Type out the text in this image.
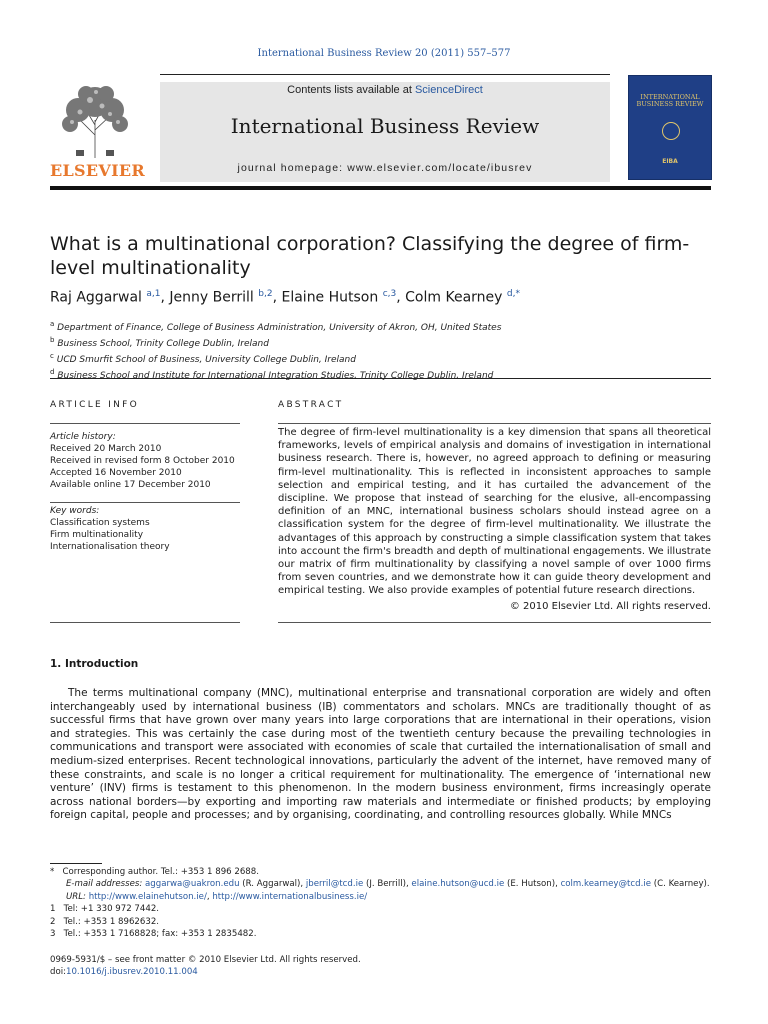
International Business Review 20 (2011) 557–577
ELSEVIER
Contents lists available at ScienceDirect
International Business Review
journal homepage: www.elsevier.com/locate/ibusrev
INTERNATIONAL BUSINESS REVIEW
EIBA
What is a multinational corporation? Classifying the degree of firm-level multinationality
Raj Aggarwal $^{a,1}$, Jenny Berrill $^{b,2}$, Elaine Hutson $^{c,3}$, Colm Kearney $^{d,*}$
$^a$ Department of Finance, College of Business Administration, University of Akron, OH, United States
$^b$ Business School, Trinity College Dublin, Ireland
$^c$ UCD Smurfit School of Business, University College Dublin, Ireland
$^d$ Business School and Institute for International Integration Studies, Trinity College Dublin, Ireland
ARTICLE INFO
Article history:
Received 20 March 2010
Received in revised form 8 October 2010
Accepted 16 November 2010
Available online 17 December 2010
Key words:
Classification systems
Firm multinationality
Internationalisation theory
ABSTRACT
The degree of firm-level multinationality is a key dimension that spans all theoretical frameworks, levels of empirical analysis and domains of investigation in international business research. There is, however, no agreed approach to defining or measuring firm-level multinationality. This is reflected in inconsistent approaches to sample selection and empirical testing, and it has curtailed the advancement of the discipline. We propose that instead of searching for the elusive, all-encompassing definition of an MNC, international business scholars should instead agree on a classification system for the degree of firm-level multinationality. We illustrate the advantages of this approach by constructing a simple classification system that takes into account the firm's breadth and depth of multinational engagements. We illustrate our matrix of firm multinationality by classifying a novel sample of over 1000 firms from seven countries, and we demonstrate how it can guide theory development and empirical testing. We also provide examples of potential future research directions.
© 2010 Elsevier Ltd. All rights reserved.
1. Introduction
The terms multinational company (MNC), multinational enterprise and transnational corporation are widely and often interchangeably used by international business (IB) commentators and scholars. MNCs are traditionally thought of as successful firms that have grown over many years into large corporations that are international in their operations, vision and strategies. This was certainly the case during most of the twentieth century because the prevailing technologies in communications and transport were associated with economies of scale that curtailed the internationalisation of small and medium-sized enterprises. Recent technological innovations, particularly the advent of the internet, have removed many of these constraints, and scale is no longer a critical requirement for multinationality. The emergence of ‘international new venture’ (INV) firms is testament to this phenomenon. In the modern business environment, firms increasingly operate across national borders—by exporting and importing raw materials and intermediate or finished products; by employing foreign capital, people and processes; and by organising, coordinating, and controlling resources globally. While MNCs
* Corresponding author. Tel.: +353 1 896 2688.
E-mail addresses: aggarwa@uakron.edu (R. Aggarwal), jberril@tcd.ie (J. Berrill), elaine.hutson@ucd.ie (E. Hutson), colm.kearney@tcd.ie (C. Kearney).
URL: http://www.elainehutson.ie/, http://www.internationalbusiness.ie/
1 Tel: +1 330 972 7442.
2 Tel.: +353 1 8962632.
3 Tel.: +353 1 7168828; fax: +353 1 2835482.
0969-5931/$ – see front matter © 2010 Elsevier Ltd. All rights reserved.
doi:10.1016/j.ibusrev.2010.11.004
